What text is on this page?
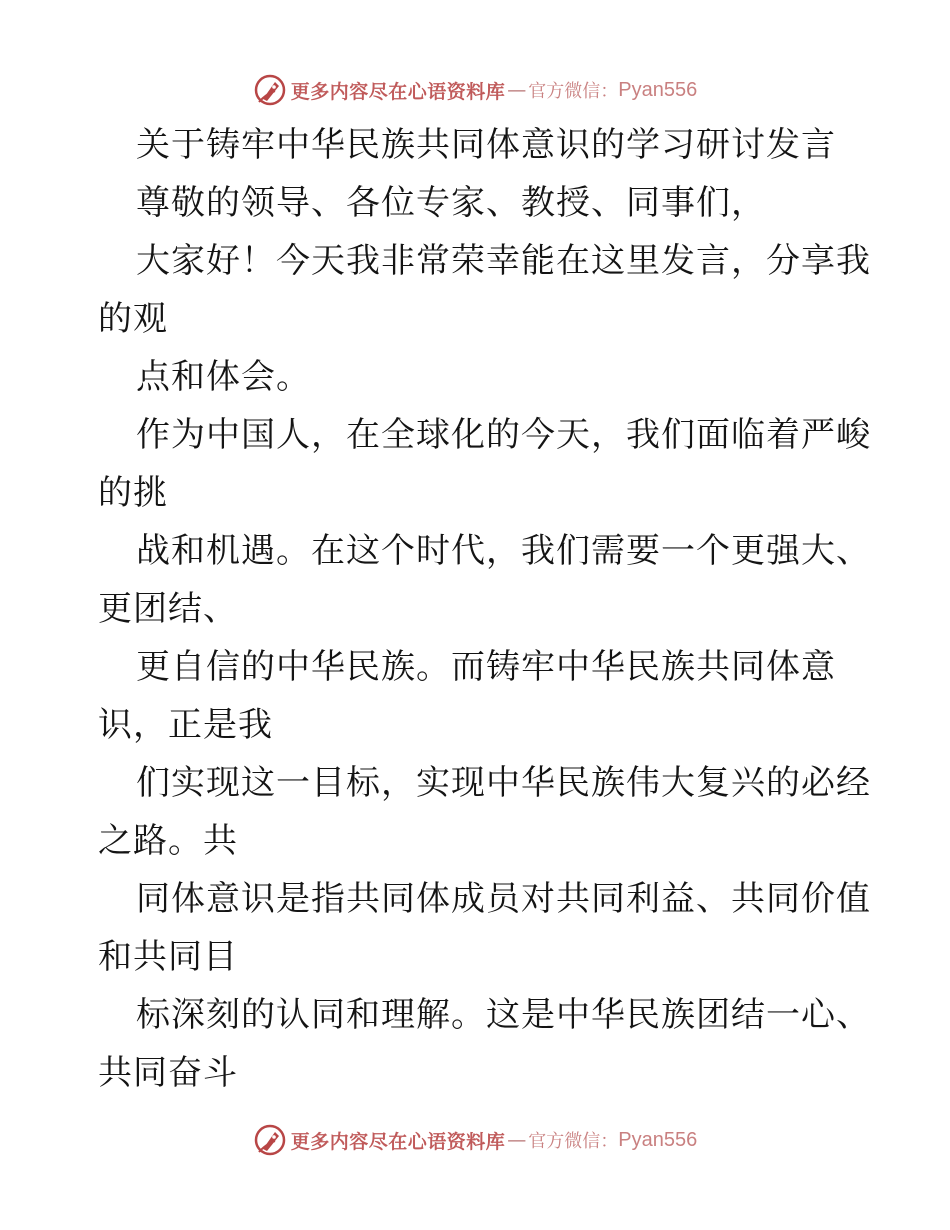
更多内容尽在心语资料库 — 官方微信： Pyan556
关于铸牢中华民族共同体意识的学习研讨发言
尊敬的领导、各位专家、教授、同事们，
大家好！今天我非常荣幸能在这里发言，分享我
的观
点和体会。
作为中国人，在全球化的今天，我们面临着严峻
的挑
战和机遇。在这个时代，我们需要一个更强大、
更团结、
更自信的中华民族。而铸牢中华民族共同体意
识，正是我
们实现这一目标，实现中华民族伟大复兴的必经
之路。共
同体意识是指共同体成员对共同利益、共同价值
和共同目
标深刻的认同和理解。这是中华民族团结一心、
共同奋斗
更多内容尽在心语资料库 — 官方微信： Pyan556
